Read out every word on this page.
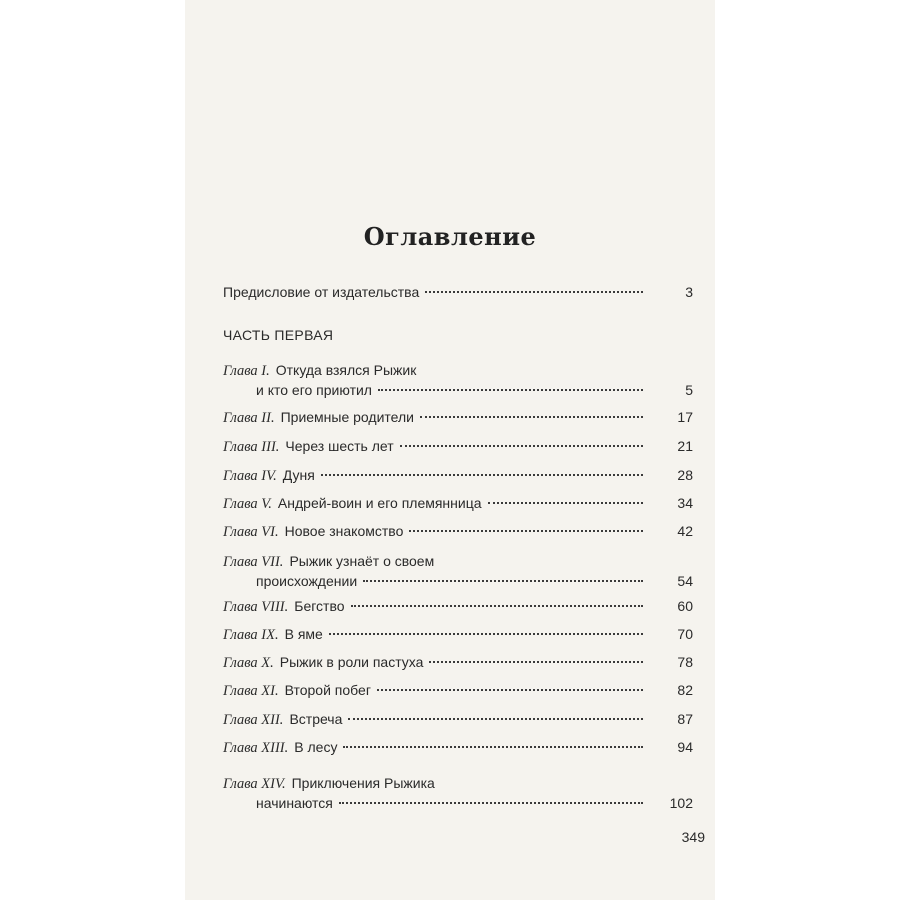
Оглавление
Предисловие от издательства	3
ЧАСТЬ ПЕРВАЯ
Глава I. Откуда взялся Рыжик
и кто его приютил	5
Глава II. Приемные родители	17
Глава III. Через шесть лет	21
Глава IV. Дуня	28
Глава V. Андрей-воин и его племянница	34
Глава VI. Новое знакомство	42
Глава VII. Рыжик узнаёт о своем
происхождении	54
Глава VIII. Бегство	60
Глава IX. В яме	70
Глава X. Рыжик в роли пастуха	78
Глава XI. Второй побег	82
Глава XII. Встреча	87
Глава XIII. В лесу	94
Глава XIV. Приключения Рыжика
начинаются	102
349
